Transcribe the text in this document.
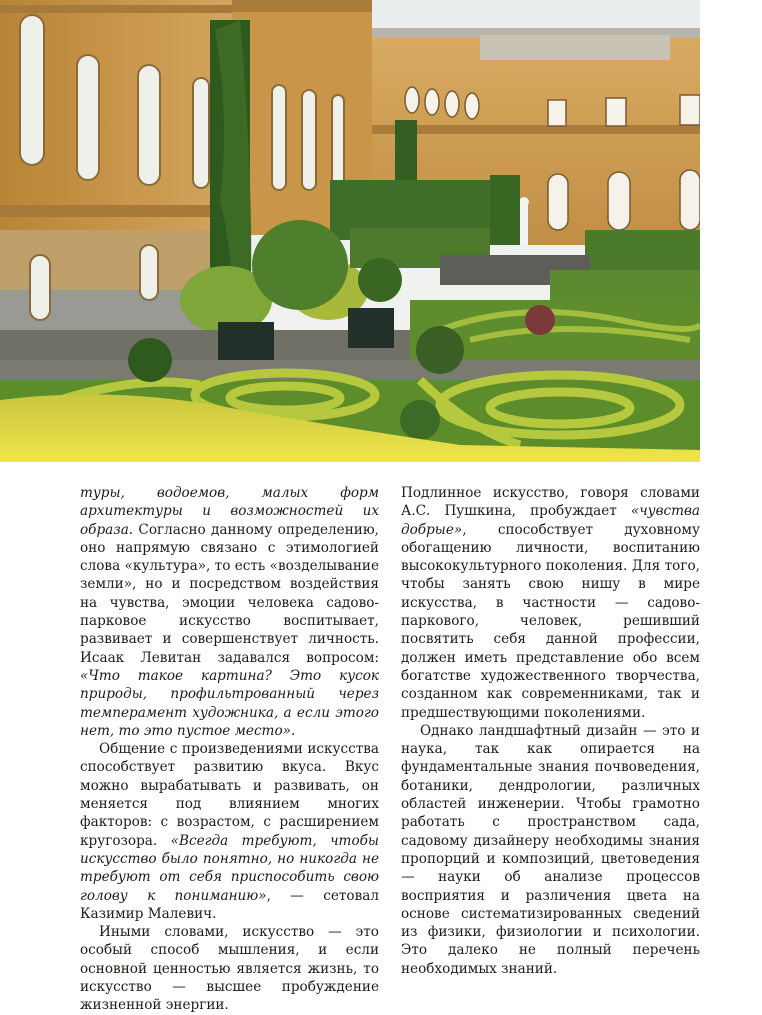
туры, водоемов, малых форм архитектуры и возможностей их образа. Согласно данному определению, оно напрямую связано с этимологией слова «культура», то есть «возделывание земли», но и посредством воздействия на чувства, эмоции человека садово-парковое искусство воспитывает, развивает и совершенствует личность. Исаак Левитан задавался вопросом: «Что такое картина? Это кусок природы, профильтрованный через темперамент художника, а если этого нет, то это пустое место».

Общение с произведениями искусства способствует развитию вкуса. Вкус можно вырабатывать и развивать, он меняется под влиянием многих факторов: с возрастом, с расширением кругозора. «Всегда требуют, чтобы искусство было понятно, но никогда не требуют от себя приспособить свою голову к пониманию», — сетовал Казимир Малевич.

Иными словами, искусство — это особый способ мышления, и если основной ценностью является жизнь, то искусство — высшее пробуждение жизненной энергии.

Подлинное искусство, говоря словами А.С. Пушкина, пробуждает «чувства добрые», способствует духовному обогащению личности, воспитанию высококультурного поколения. Для того, чтобы занять свою нишу в мире искусства, в частности — садово-паркового, человек, решивший посвятить себя данной профессии, должен иметь представление обо всем богатстве художественного творчества, созданном как современниками, так и предшествующими поколениями.

Однако ландшафтный дизайн — это и наука, так как опирается на фундаментальные знания почвоведения, ботаники, дендрологии, различных областей инженерии. Чтобы грамотно работать с пространством сада, садовому дизайнеру необходимы знания пропорций и композиций, цветоведения — науки об анализе процессов восприятия и различения цвета на основе систематизированных сведений из физики, физиологии и психологии. Это далеко не полный перечень необходимых знаний.
